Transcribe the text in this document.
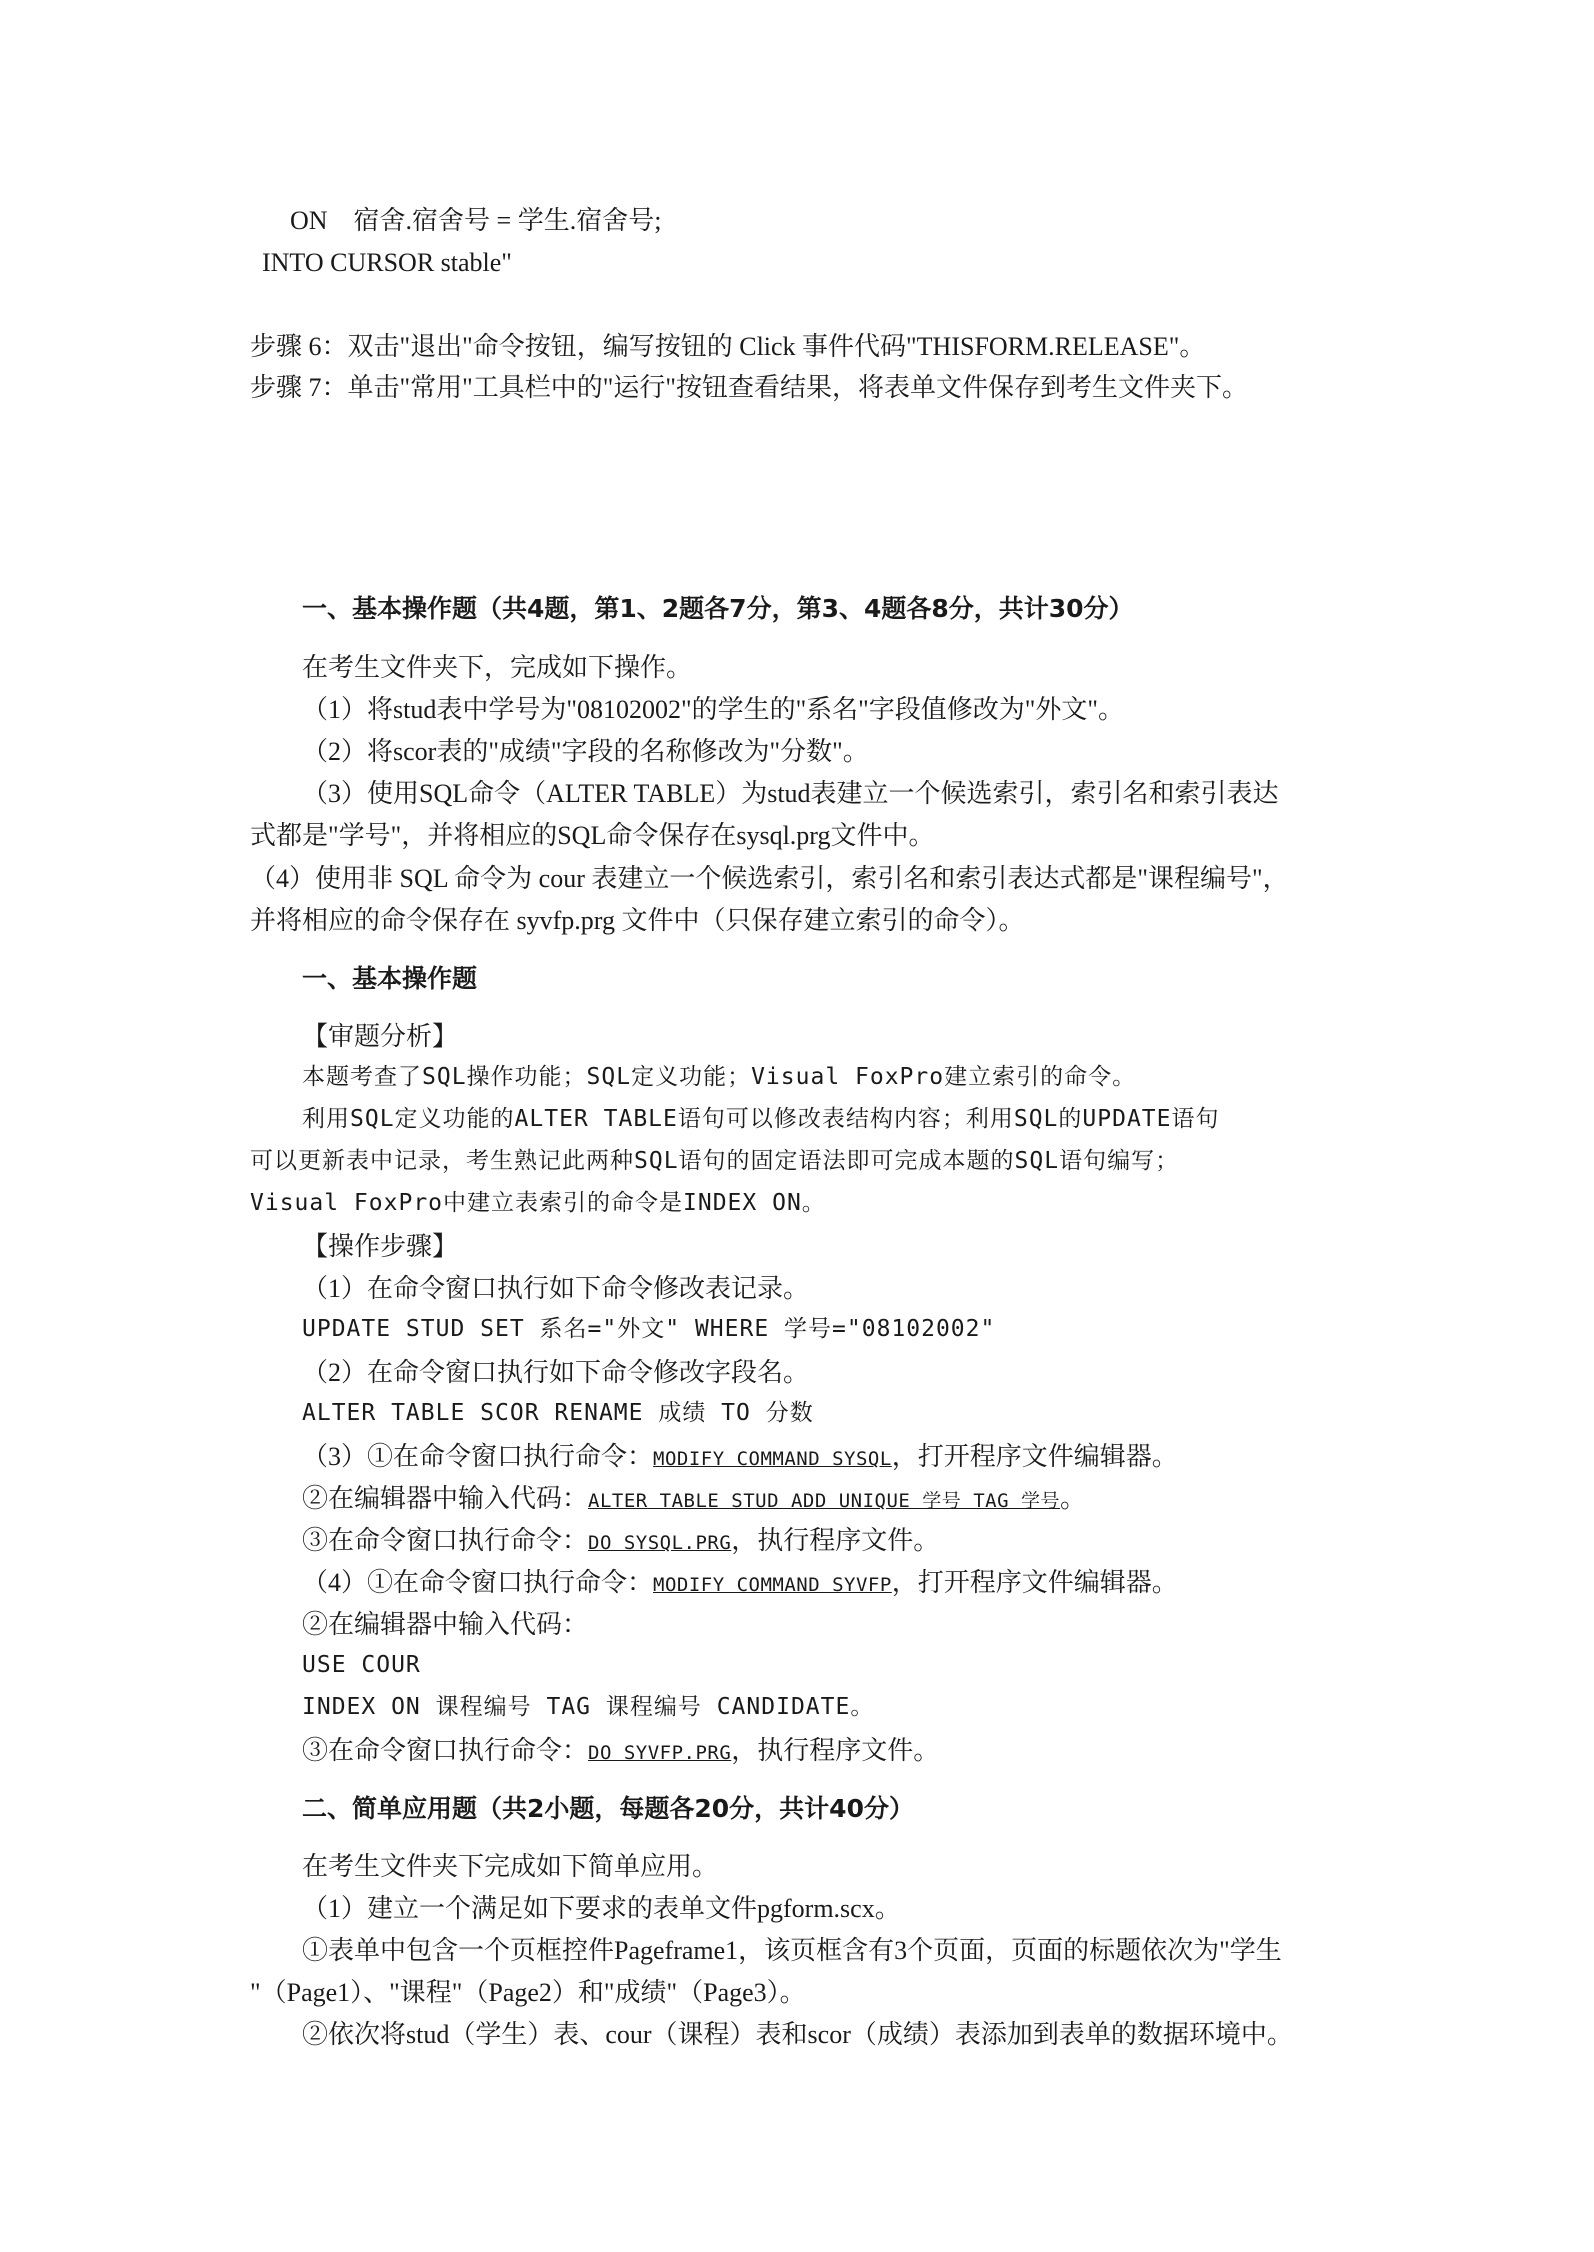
ON　宿舍.宿舍号 = 学生.宿舍号;
INTO CURSOR stable"
步骤 6：双击"退出"命令按钮，编写按钮的 Click 事件代码"THISFORM.RELEASE"。
步骤 7：单击"常用"工具栏中的"运行"按钮查看结果，将表单文件保存到考生文件夹下。
一、基本操作题（共4题，第1、2题各7分，第3、4题各8分，共计30分）
在考生文件夹下，完成如下操作。
（1）将stud表中学号为"08102002"的学生的"系名"字段值修改为"外文"。
（2）将scor表的"成绩"字段的名称修改为"分数"。
（3）使用SQL命令（ALTER TABLE）为stud表建立一个候选索引，索引名和索引表达
式都是"学号"，并将相应的SQL命令保存在sysql.prg文件中。
（4）使用非 SQL 命令为 cour 表建立一个候选索引，索引名和索引表达式都是"课程编号"，
并将相应的命令保存在 syvfp.prg 文件中（只保存建立索引的命令）。
一、基本操作题
【审题分析】
本题考查了SQL操作功能；SQL定义功能；Visual FoxPro建立索引的命令。
利用SQL定义功能的ALTER TABLE语句可以修改表结构内容；利用SQL的UPDATE语句
可以更新表中记录，考生熟记此两种SQL语句的固定语法即可完成本题的SQL语句编写；
Visual FoxPro中建立表索引的命令是INDEX ON。
【操作步骤】
（1）在命令窗口执行如下命令修改表记录。
UPDATE STUD SET 系名="外文" WHERE 学号="08102002"
（2）在命令窗口执行如下命令修改字段名。
ALTER TABLE SCOR RENAME 成绩 TO 分数
（3）①在命令窗口执行命令：MODIFY COMMAND SYSQL，打开程序文件编辑器。
②在编辑器中输入代码：ALTER TABLE STUD ADD UNIQUE 学号 TAG 学号。
③在命令窗口执行命令：DO SYSQL.PRG，执行程序文件。
（4）①在命令窗口执行命令：MODIFY COMMAND SYVFP，打开程序文件编辑器。
②在编辑器中输入代码：
USE COUR
INDEX ON 课程编号 TAG 课程编号 CANDIDATE。
③在命令窗口执行命令：DO SYVFP.PRG，执行程序文件。
二、简单应用题（共2小题，每题各20分，共计40分）
在考生文件夹下完成如下简单应用。
（1）建立一个满足如下要求的表单文件pgform.scx。
①表单中包含一个页框控件Pageframe1，该页框含有3个页面，页面的标题依次为"学生
"（Page1）、"课程"（Page2）和"成绩"（Page3）。
②依次将stud（学生）表、cour（课程）表和scor（成绩）表添加到表单的数据环境中。
